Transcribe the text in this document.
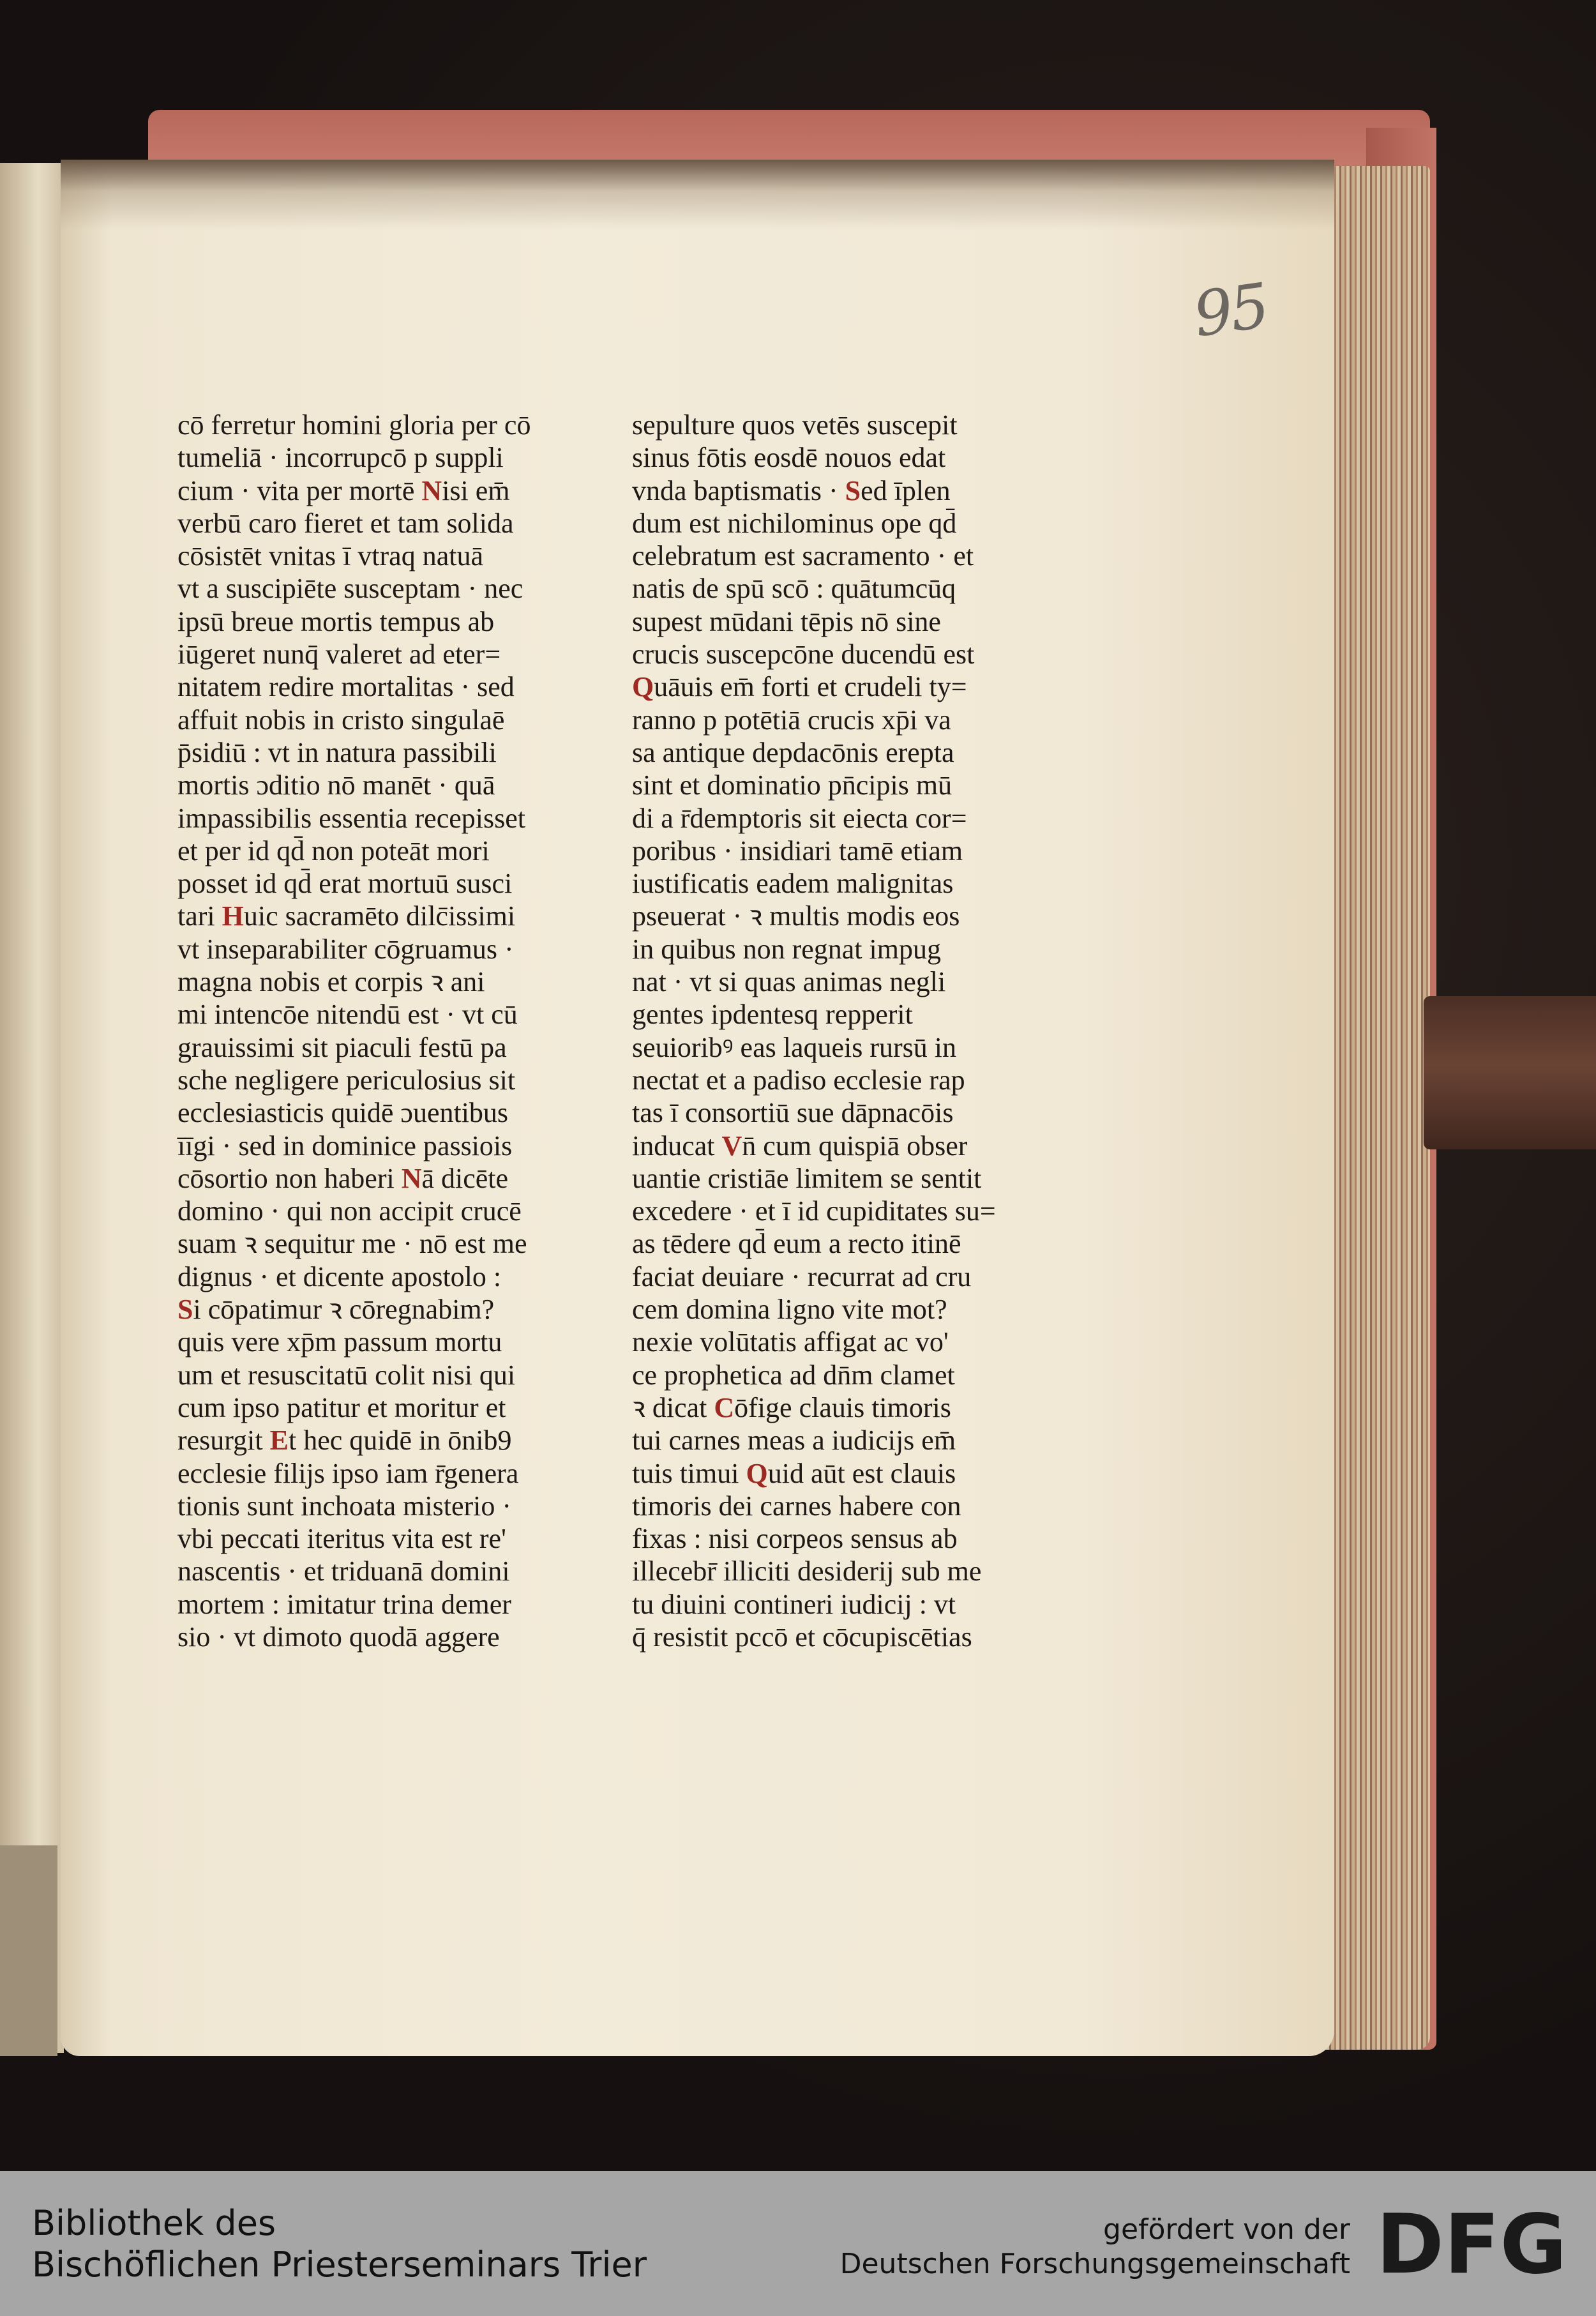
95
cō ferretur homini gloria per cō
tumeliā · incorrupcō p suppli
cium · vita per mortē Nisi em̄
verbū caro fieret et tam solida
cōsistēt vnitas ī vtraq natuā
vt a suscipiēte susceptam · nec
ipsū breue mortis tempus ab
iūgeret nunq̄ valeret ad eter=
nitatem redire mortalitas · sed
affuit nobis in cristo singulaē
p̄sidiū : vt in natura passibili
mortis ɔditio nō manēt · quā
impassibilis essentia recepisset
et per id qd̄ non poteāt mori
posset id qd̄ erat mortuū susci
tari Huic sacramēto dilc̄issimi
vt inseparabiliter cōgruamus ·
magna nobis et corpis ꝛ ani
mi intencōe nitendū est · vt cū
grauissimi sit piaculi festū pa
sche negligere periculosius sit
ecclesiasticis quidē ɔuentibus
īīgi · sed in dominice passiois
cōsortio non haberi Nā dicēte
domino · qui non accipit crucē
suam ꝛ sequitur me · nō est me
dignus · et dicente apostolo :
Si cōpatimur ꝛ cōregnabim?
quis vere xp̄m passum mortu
um et resuscitatū colit nisi qui
cum ipso patitur et moritur et
resurgit Et hec quidē in ōnib9
ecclesie filijs ipso iam r̄genera
tionis sunt inchoata misterio ·
vbi peccati iteritus vita est re'
nascentis · et triduanā domini
mortem : imitatur trina demer
sio · vt dimoto quodā aggere
sepulture quos vetēs suscepit
sinus fōtis eosdē nouos edat
vnda baptismatis · Sed īplen
dum est nichilominus ope qd̄
celebratum est sacramento · et
natis de spū scō : quātumcūq
supest mūdani tēpis nō sine
crucis suscepcōne ducendū est
Quāuis em̄ forti et crudeli ty=
ranno p potētiā crucis xp̄i va
sa antique depdacōnis erepta
sint et dominatio pn̄cipis mū
di a r̄demptoris sit eiecta cor=
poribus · insidiari tamē etiam
iustificatis eadem malignitas
pseuerat · ꝛ multis modis eos
in quibus non regnat impug
nat · vt si quas animas negli
gentes ipdentesq repperit
seuioribꝰ eas laqueis rursū in
nectat et a padiso ecclesie rap
tas ī consortiū sue dāpnacōis
inducat Vn̄ cum quispiā obser
uantie cristiāe limitem se sentit
excedere · et ī id cupiditates su=
as tēdere qd̄ eum a recto itinē
faciat deuiare · recurrat ad cru
cem domina ligno vite mot?
nexie volūtatis affigat ac vo'
ce prophetica ad dn̄m clamet
ꝛ dicat Cōfige clauis timoris
tui carnes meas a iudicijs em̄
tuis timui Quid aūt est clauis
timoris dei carnes habere con
fixas : nisi corpeos sensus ab
illecebr̄ illiciti desiderij sub me
tu diuini contineri iudicij : vt
q̄ resistit pccō et cōcupiscētias
Bibliothek des
Bischöflichen Priesterseminars Trier
gefördert von der
Deutschen Forschungsgemeinschaft DFG
